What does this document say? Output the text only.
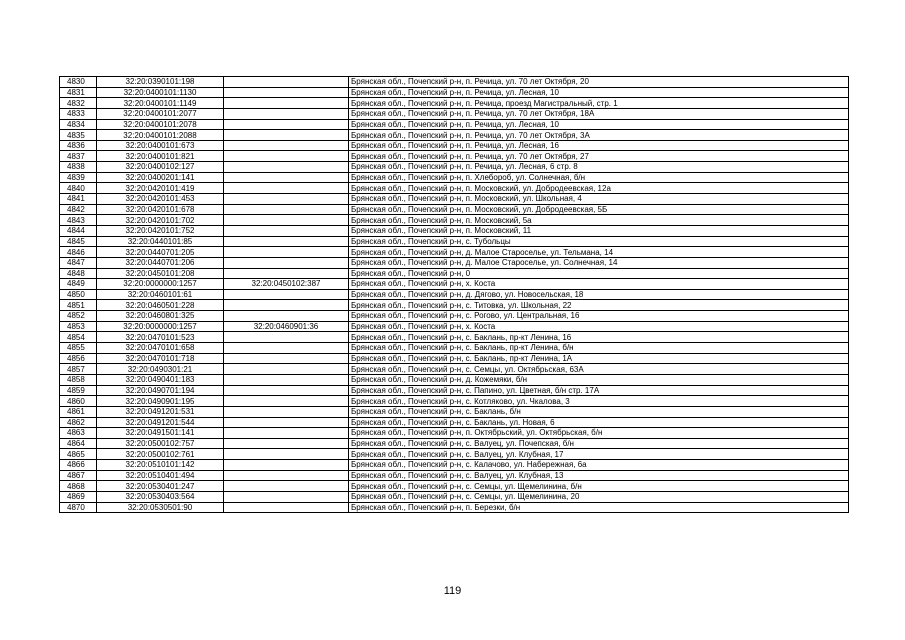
4830	32:20:0390101:198		Брянская обл., Почепский р-н, п. Речица, ул. 70 лет Октября, 20
4831	32:20:0400101:1130		Брянская обл., Почепский р-н, п. Речица, ул. Лесная, 10
4832	32:20:0400101:1149		Брянская обл., Почепский р-н, п. Речица, проезд Магистральный, стр. 1
4833	32:20:0400101:2077		Брянская обл., Почепский р-н, п. Речица, ул. 70 лет Октября, 18А
4834	32:20:0400101:2078		Брянская обл., Почепский р-н, п. Речица, ул. Лесная, 10
4835	32:20:0400101:2088		Брянская обл., Почепский р-н, п. Речица, ул. 70 лет Октября, 3А
4836	32:20:0400101:673		Брянская обл., Почепский р-н, п. Речица, ул. Лесная, 16
4837	32:20:0400101:821		Брянская обл., Почепский р-н, п. Речица, ул. 70 лет Октября, 27
4838	32:20:0400102:127		Брянская обл., Почепский р-н, п. Речица, ул. Лесная, 6 стр. 8
4839	32:20:0400201:141		Брянская обл., Почепский р-н, п. Хлебороб, ул. Солнечная, б/н
4840	32:20:0420101:419		Брянская обл., Почепский р-н, п. Московский, ул. Добродеевская, 12а
4841	32:20:0420101:453		Брянская обл., Почепский р-н, п. Московский, ул. Школьная, 4
4842	32:20:0420101:678		Брянская обл., Почепский р-н, п. Московский, ул. Добродеевская, 5Б
4843	32:20:0420101:702		Брянская обл., Почепский р-н, п. Московский, 5а
4844	32:20:0420101:752		Брянская обл., Почепский р-н, п. Московский, 11
4845	32:20:0440101:85		Брянская обл., Почепский р-н, с. Тубольцы
4846	32:20:0440701:205		Брянская обл., Почепский р-н, д. Малое Староселье, ул. Тельмана, 14
4847	32:20:0440701:206		Брянская обл., Почепский р-н, д. Малое Староселье, ул. Солнечная, 14
4848	32:20:0450101:208		Брянская обл., Почепский р-н, 0
4849	32:20:0000000:1257	32:20:0450102:387	Брянская обл., Почепский р-н, х. Коста
4850	32:20:0460101:61		Брянская обл., Почепский р-н, д. Дягово, ул. Новосельская, 18
4851	32:20:0460501:228		Брянская обл., Почепский р-н, с. Титовка, ул. Школьная, 22
4852	32:20:0460801:325		Брянская обл., Почепский р-н, с. Рогово, ул. Центральная, 16
4853	32:20:0000000:1257	32:20:0460901:36	Брянская обл., Почепский р-н, х. Коста
4854	32:20:0470101:523		Брянская обл., Почепский р-н, с. Баклань, пр-кт Ленина, 16
4855	32:20:0470101:658		Брянская обл., Почепский р-н, с. Баклань, пр-кт Ленина, б/н
4856	32:20:0470101:718		Брянская обл., Почепский р-н, с. Баклань, пр-кт Ленина, 1А
4857	32:20:0490301:21		Брянская обл., Почепский р-н, с. Семцы, ул. Октябрьская, 63А
4858	32:20:0490401:183		Брянская обл., Почепский р-н, д. Кожемяки, б/н
4859	32:20:0490701:194		Брянская обл., Почепский р-н, с. Папино, ул. Цветная, б/н стр. 17А
4860	32:20:0490901:195		Брянская обл., Почепский р-н, с. Котляково, ул. Чкалова, 3
4861	32:20:0491201:531		Брянская обл., Почепский р-н, с. Баклань, б/н
4862	32:20:0491201:544		Брянская обл., Почепский р-н, с. Баклань, ул. Новая, 6
4863	32:20:0491501:141		Брянская обл., Почепский р-н, п. Октябрьский, ул. Октябрьская, б/н
4864	32:20:0500102:757		Брянская обл., Почепский р-н, с. Валуец, ул. Почепская, б/н
4865	32:20:0500102:761		Брянская обл., Почепский р-н, с. Валуец, ул. Клубная, 17
4866	32:20:0510101:142		Брянская обл., Почепский р-н, с. Калачово, ул. Набережная, 6а
4867	32:20:0510401:494		Брянская обл., Почепский р-н, с. Валуец, ул. Клубная, 13
4868	32:20:0530401:247		Брянская обл., Почепский р-н, с. Семцы, ул. Щемелинина, б/н
4869	32:20:0530403:564		Брянская обл., Почепский р-н, с. Семцы, ул. Щемелинина, 20
4870	32:20:0530501:90		Брянская обл., Почепский р-н, п. Березки, б/н
119
